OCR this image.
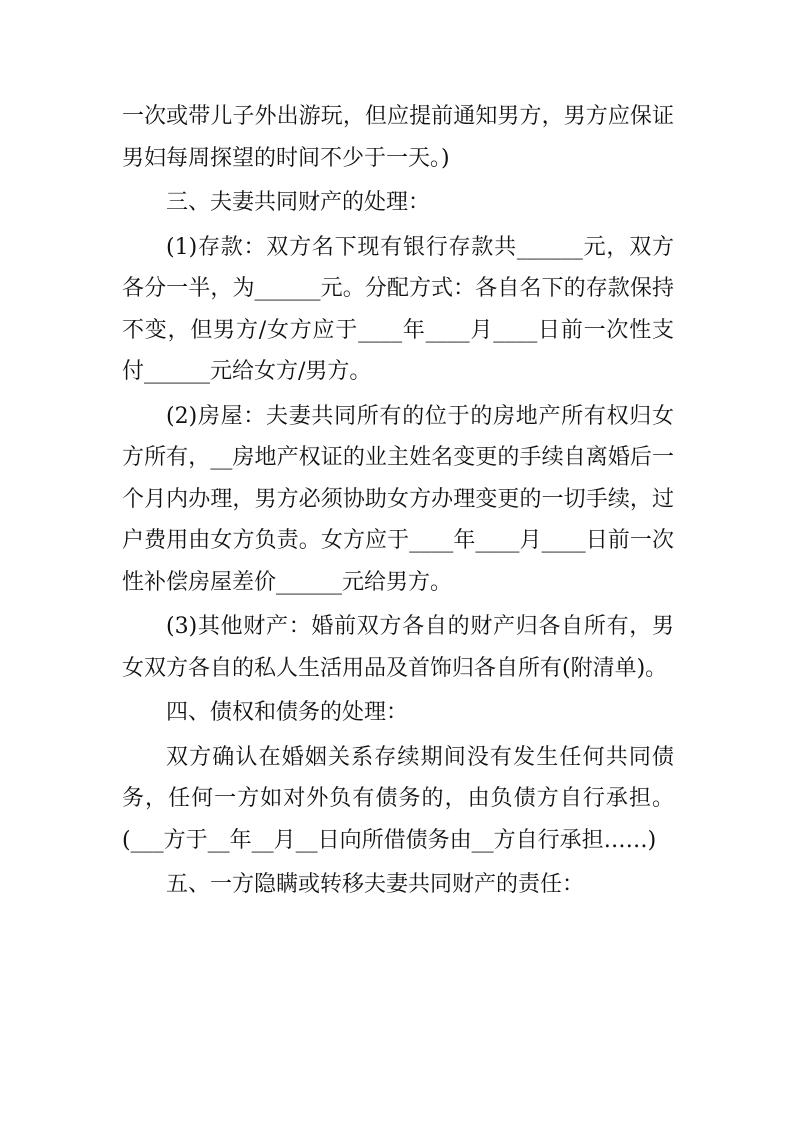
一次或带儿子外出游玩，但应提前通知男方，男方应保证男妇每周探望的时间不少于一天。)

三、夫妻共同财产的处理：

(1)存款：双方名下现有银行存款共______元，双方各分一半，为______元。分配方式：各自名下的存款保持不变，但男方/女方应于____年____月____日前一次性支付______元给女方/男方。

(2)房屋：夫妻共同所有的位于的房地产所有权归女方所有，__房地产权证的业主姓名变更的手续自离婚后一个月内办理，男方必须协助女方办理变更的一切手续，过户费用由女方负责。女方应于____年____月____日前一次性补偿房屋差价______元给男方。

(3)其他财产：婚前双方各自的财产归各自所有，男女双方各自的私人生活用品及首饰归各自所有(附清单)。

四、债权和债务的处理：

双方确认在婚姻关系存续期间没有发生任何共同债务，任何一方如对外负有债务的，由负债方自行承担。(___方于__年__月__日向所借债务由__方自行承担……)

五、一方隐瞒或转移夫妻共同财产的责任：
